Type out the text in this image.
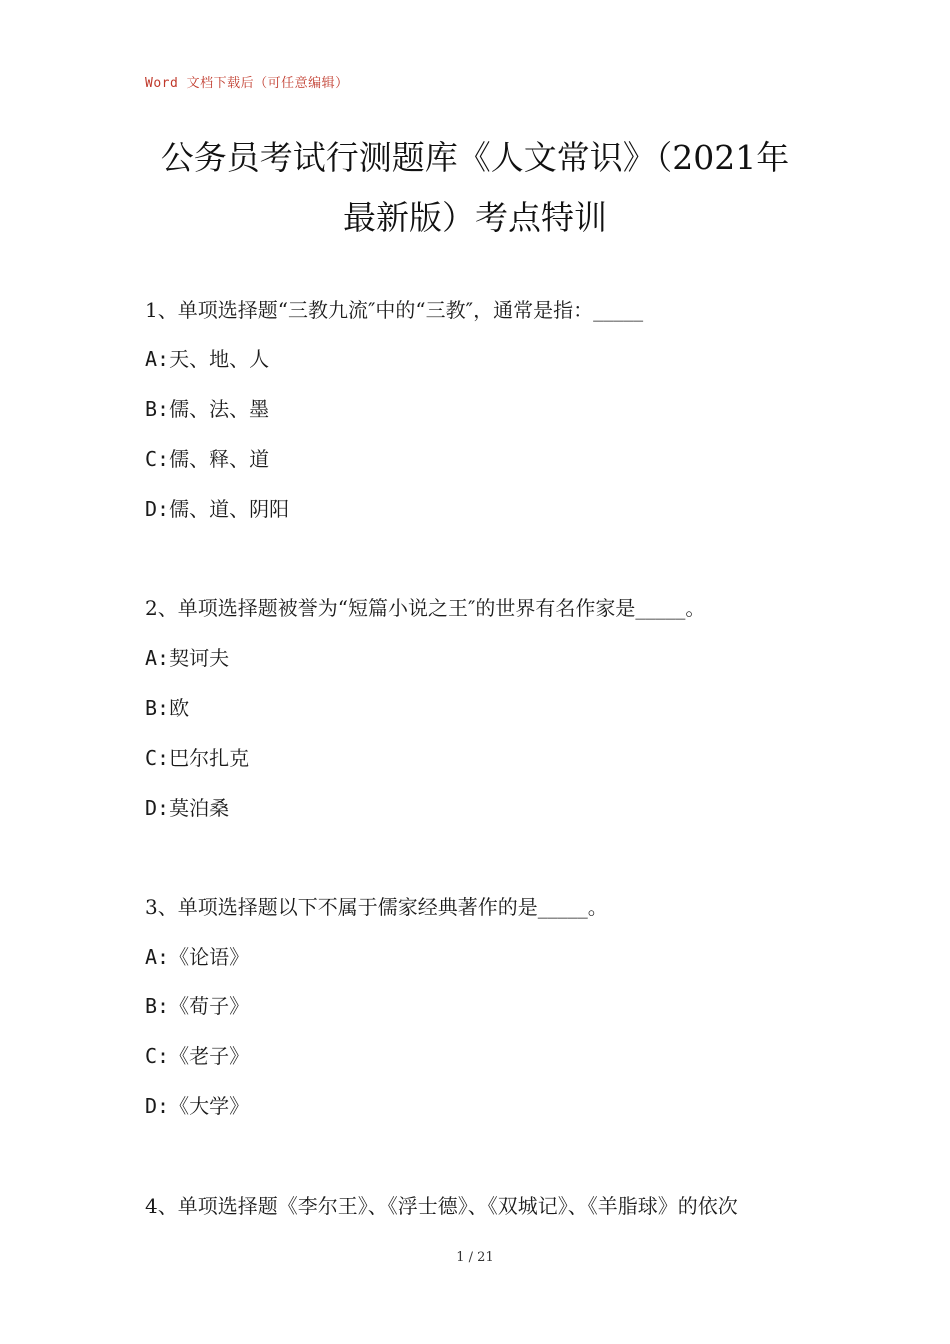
Word 文档下载后（可任意编辑）
公务员考试行测题库《人文常识》（2021年
最新版）考点特训
1、单项选择题“三教九流″中的“三教″，通常是指：_____
A:天、地、人
B:儒、法、墨
C:儒、释、道
D:儒、道、阴阳
2、单项选择题被誉为“短篇小说之王″的世界有名作家是_____。
A:契诃夫
B:欧
C:巴尔扎克
D:莫泊桑
3、单项选择题以下不属于儒家经典著作的是_____。
A:《论语》
B:《荀子》
C:《老子》
D:《大学》
4、单项选择题《李尔王》、《浮士德》、《双城记》、《羊脂球》的依次
1 / 21
